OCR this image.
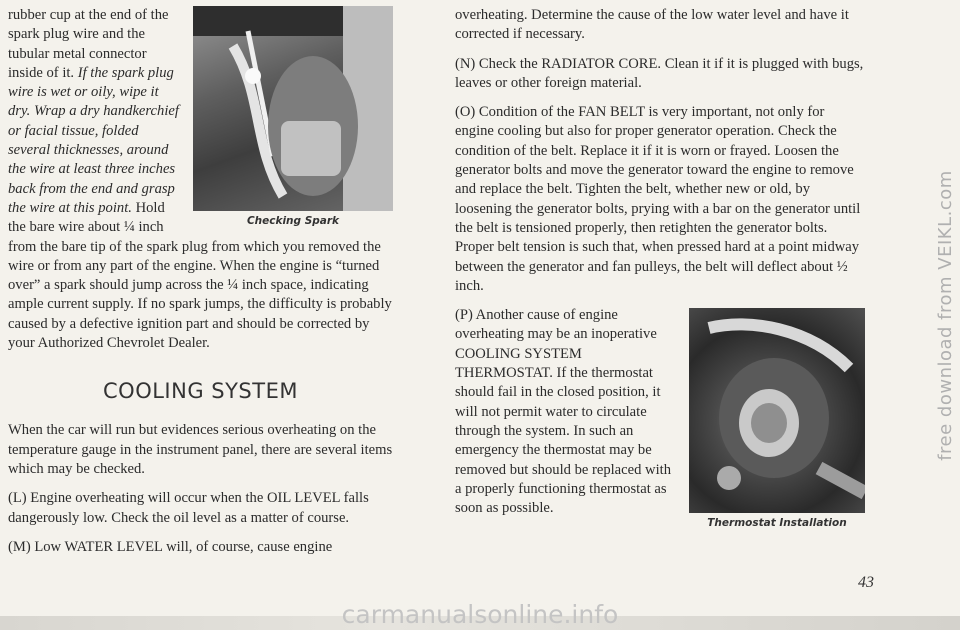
Checking Spark

rubber cup at the end of the spark plug wire and the tubular metal connector inside of it. If the spark plug wire is wet or oily, wipe it dry. Wrap a dry handkerchief or facial tissue, folded several thicknesses, around the wire at least three inches back from the end and grasp the wire at this point. Hold the bare wire about ¼ inch from the bare tip of the spark plug from which you removed the wire or from any part of the engine. When the engine is “turned over” a spark should jump across the ¼ inch space, indicating ample current supply. If no spark jumps, the difficulty is probably caused by a defective ignition part and should be corrected by your Authorized Chevrolet Dealer.

COOLING SYSTEM

When the car will run but evidences serious overheating on the temperature gauge in the instrument panel, there are several items which may be checked.

(L) Engine overheating will occur when the OIL LEVEL falls dangerously low. Check the oil level as a matter of course.

(M) Low WATER LEVEL will, of course, cause engine

overheating. Determine the cause of the low water level and have it corrected if necessary.

(N) Check the RADIATOR CORE. Clean it if it is plugged with bugs, leaves or other foreign material.

(O) Condition of the FAN BELT is very important, not only for engine cooling but also for proper generator operation. Check the condition of the belt. Replace it if it is worn or frayed. Loosen the generator bolts and move the generator toward the engine to remove and replace the belt. Tighten the belt, whether new or old, by loosening the generator bolts, prying with a bar on the generator until the belt is tensioned properly, then retighten the generator bolts. Proper belt tension is such that, when pressed hard at a point midway between the generator and fan pulleys, the belt will deflect about ½ inch.

Thermostat Installation

(P) Another cause of engine overheating may be an inoperative COOLING SYSTEM THERMOSTAT. If the thermostat should fail in the closed position, it will not permit water to circulate through the system. In such an emergency the thermostat may be removed but should be replaced with a properly functioning thermostat as soon as possible.

43
free download from VEIKL.com
carmanualsonline.info
